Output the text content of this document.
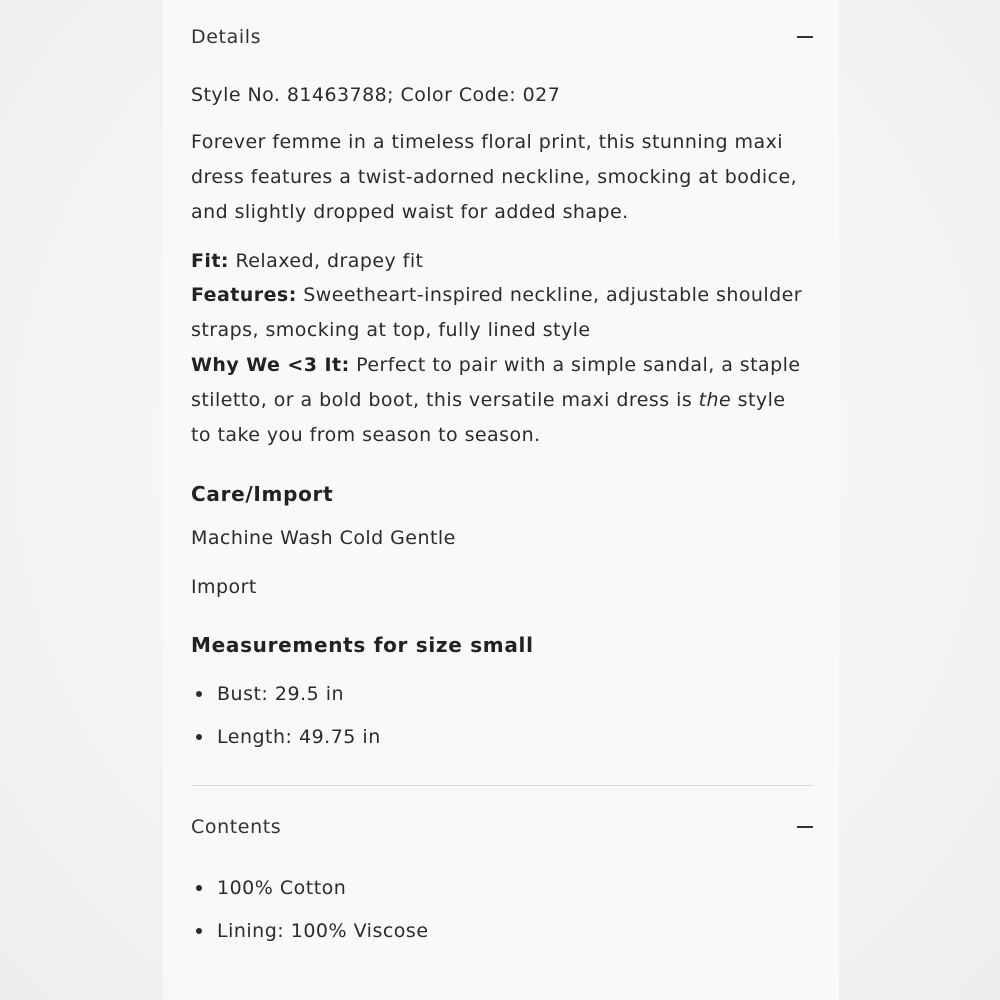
Details
Style No. 81463788; Color Code: 027
Forever femme in a timeless floral print, this stunning maxi
dress features a twist-adorned neckline, smocking at bodice,
and slightly dropped waist for added shape.
Fit: Relaxed, drapey fit
Features: Sweetheart-inspired neckline, adjustable shoulder
straps, smocking at top, fully lined style
Why We <3 It: Perfect to pair with a simple sandal, a staple
stiletto, or a bold boot, this versatile maxi dress is the style
to take you from season to season.
Care/Import
Machine Wash Cold Gentle
Import
Measurements for size small
Bust: 29.5 in
Length: 49.75 in
Contents
100% Cotton
Lining: 100% Viscose
